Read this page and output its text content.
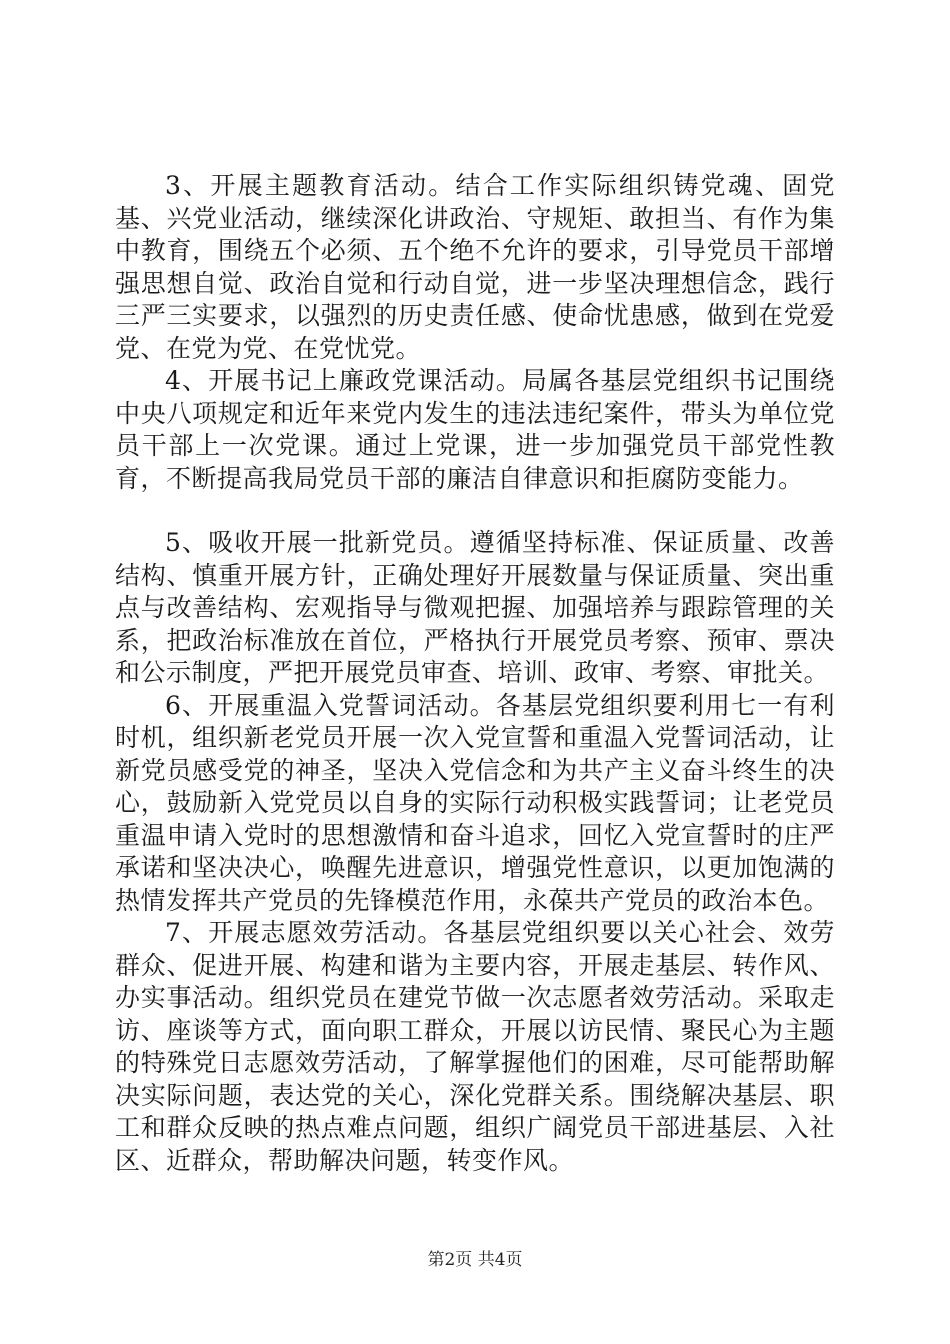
3、开展主题教育活动。结合工作实际组织铸党魂、固党基、兴党业活动，继续深化讲政治、守规矩、敢担当、有作为集中教育，围绕五个必须、五个绝不允许的要求，引导党员干部增强思想自觉、政治自觉和行动自觉，进一步坚决理想信念，践行三严三实要求，以强烈的历史责任感、使命忧患感，做到在党爱党、在党为党、在党忧党。

4、开展书记上廉政党课活动。局属各基层党组织书记围绕中央八项规定和近年来党内发生的违法违纪案件，带头为单位党员干部上一次党课。通过上党课，进一步加强党员干部党性教育，不断提高我局党员干部的廉洁自律意识和拒腐防变能力。

5、吸收开展一批新党员。遵循坚持标准、保证质量、改善结构、慎重开展方针，正确处理好开展数量与保证质量、突出重点与改善结构、宏观指导与微观把握、加强培养与跟踪管理的关系，把政治标准放在首位，严格执行开展党员考察、预审、票决和公示制度，严把开展党员审查、培训、政审、考察、审批关。

6、开展重温入党誓词活动。各基层党组织要利用七一有利时机，组织新老党员开展一次入党宣誓和重温入党誓词活动，让新党员感受党的神圣，坚决入党信念和为共产主义奋斗终生的决心，鼓励新入党党员以自身的实际行动积极实践誓词；让老党员重温申请入党时的思想激情和奋斗追求，回忆入党宣誓时的庄严承诺和坚决决心，唤醒先进意识，增强党性意识，以更加饱满的热情发挥共产党员的先锋模范作用，永葆共产党员的政治本色。

7、开展志愿效劳活动。各基层党组织要以关心社会、效劳群众、促进开展、构建和谐为主要内容，开展走基层、转作风、办实事活动。组织党员在建党节做一次志愿者效劳活动。采取走访、座谈等方式，面向职工群众，开展以访民情、聚民心为主题的特殊党日志愿效劳活动，了解掌握他们的困难，尽可能帮助解决实际问题，表达党的关心，深化党群关系。围绕解决基层、职工和群众反映的热点难点问题，组织广阔党员干部进基层、入社区、近群众，帮助解决问题，转变作风。

第2页 共4页
